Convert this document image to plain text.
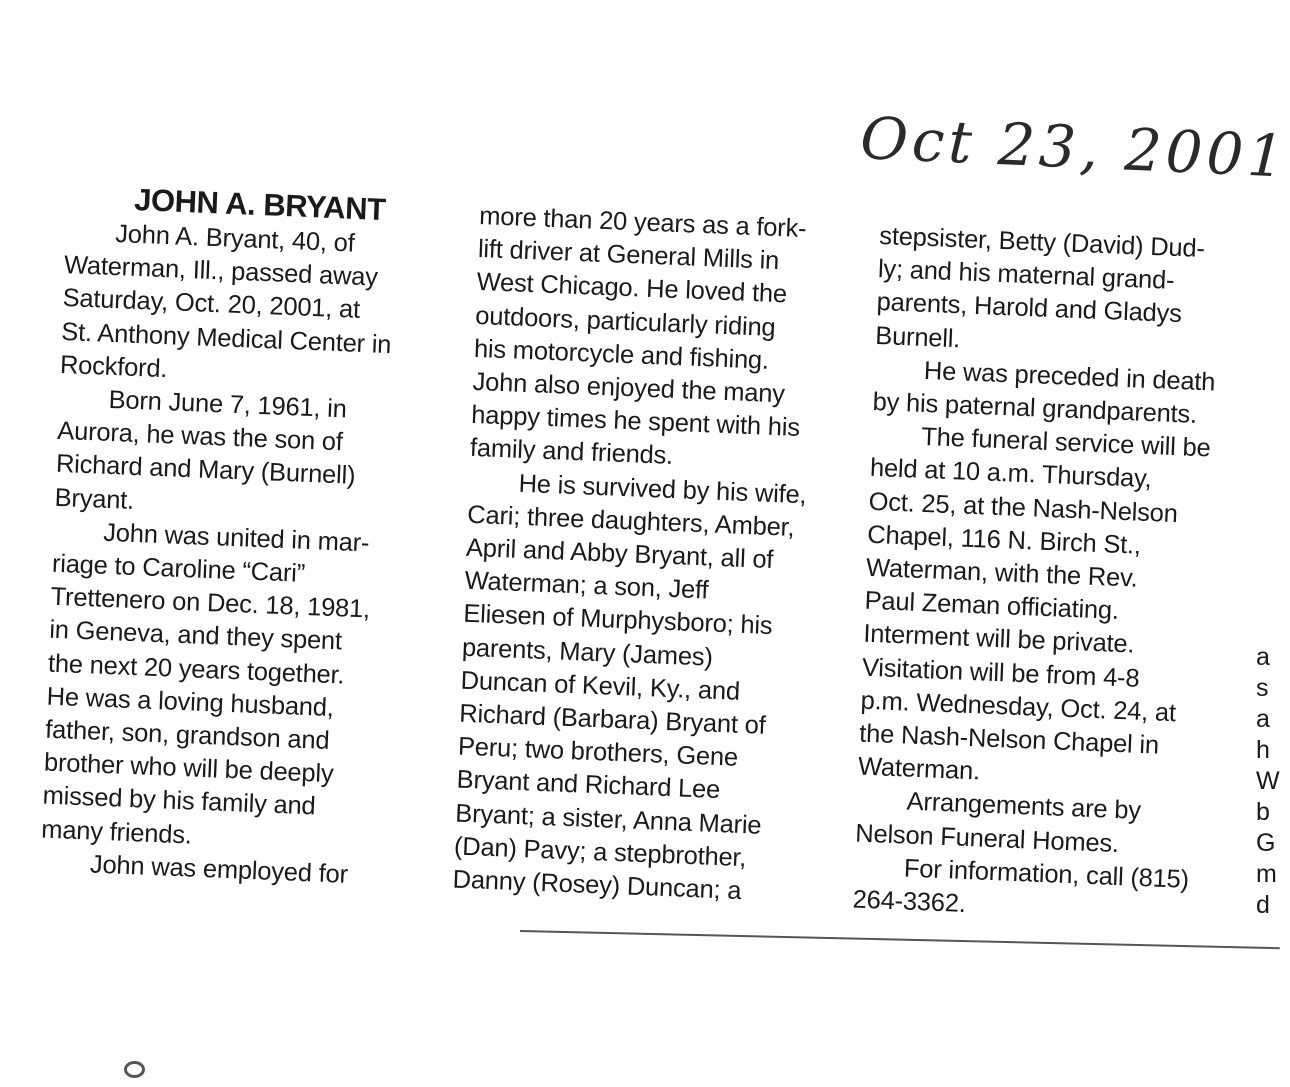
Oct 23, 2001
JOHN A. BRYANT

John A. Bryant, 40, of
Waterman, Ill., passed away
Saturday, Oct. 20, 2001, at
St. Anthony Medical Center in
Rockford.

Born June 7, 1961, in
Aurora, he was the son of
Richard and Mary (Burnell)
Bryant.

John was united in mar-
riage to Caroline “Cari”
Trettenero on Dec. 18, 1981,
in Geneva, and they spent
the next 20 years together.
He was a loving husband,
father, son, grandson and
brother who will be deeply
missed by his family and
many friends.

John was employed for

more than 20 years as a fork-
lift driver at General Mills in
West Chicago. He loved the
outdoors, particularly riding
his motorcycle and fishing.
John also enjoyed the many
happy times he spent with his
family and friends.

He is survived by his wife,
Cari; three daughters, Amber,
April and Abby Bryant, all of
Waterman; a son, Jeff
Eliesen of Murphysboro; his
parents, Mary (James)
Duncan of Kevil, Ky., and
Richard (Barbara) Bryant of
Peru; two brothers, Gene
Bryant and Richard Lee
Bryant; a sister, Anna Marie
(Dan) Pavy; a stepbrother,
Danny (Rosey) Duncan; a

stepsister, Betty (David) Dud-
ly; and his maternal grand-
parents, Harold and Gladys
Burnell.

He was preceded in death
by his paternal grandparents.

The funeral service will be
held at 10 a.m. Thursday,
Oct. 25, at the Nash-Nelson
Chapel, 116 N. Birch St.,
Waterman, with the Rev.
Paul Zeman officiating.
Interment will be private.
Visitation will be from 4-8
p.m. Wednesday, Oct. 24, at
the Nash-Nelson Chapel in
Waterman.

Arrangements are by
Nelson Funeral Homes.

For information, call (815)
264-3362.

a
s
a
h
W
b
G
m
d
